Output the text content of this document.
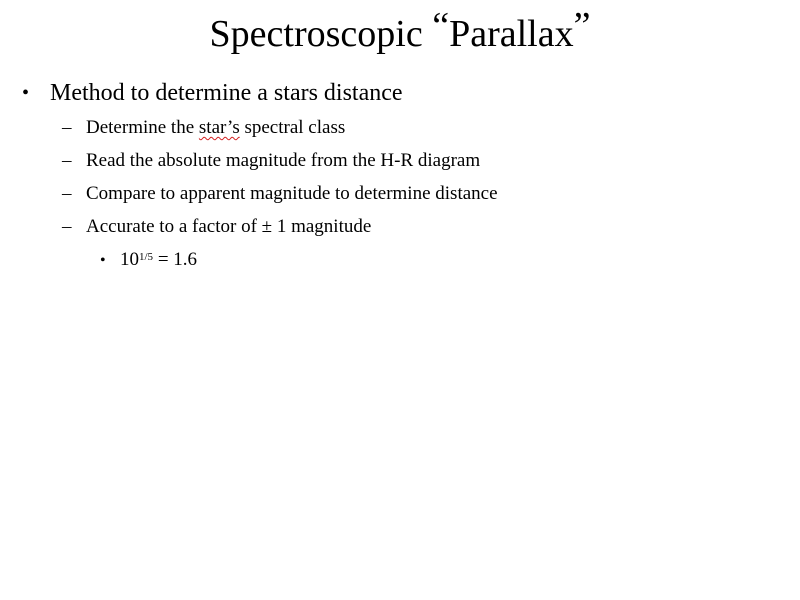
Spectroscopic “Parallax”
• Method to determine a stars distance
– Determine the star’s spectral class
– Read the absolute magnitude from the H-R diagram
– Compare to apparent magnitude to determine distance
– Accurate to a factor of ± 1 magnitude
• $10^{1/5} = 1.6$
